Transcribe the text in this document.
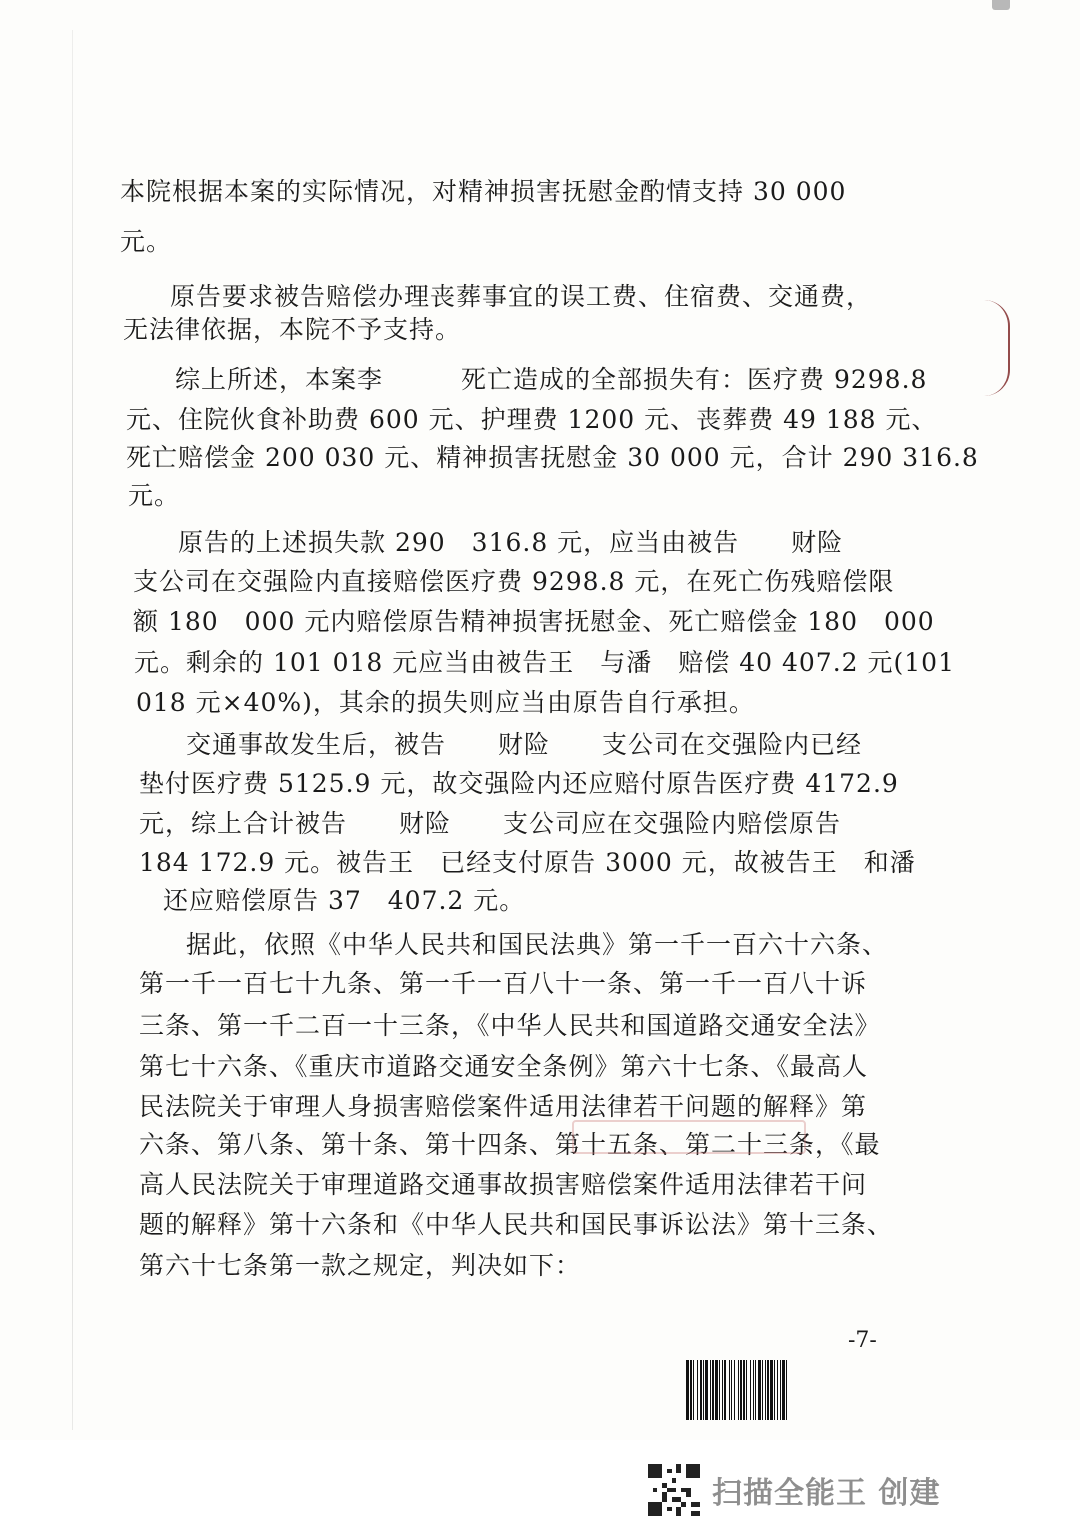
本院根据本案的实际情况，对精神损害抚慰金酌情支持 30 000
元。
原告要求被告赔偿办理丧葬事宜的误工费、住宿费、交通费，
无法律依据，本院不予支持。
综上所述，本案李　　　死亡造成的全部损失有：医疗费 9298.8
元、住院伙食补助费 600 元、护理费 1200 元、丧葬费 49 188 元、
死亡赔偿金 200 030 元、精神损害抚慰金 30 000 元，合计 290 316.8
元。
原告的上述损失款 290　316.8 元，应当由被告　　财险
支公司在交强险内直接赔偿医疗费 9298.8 元，在死亡伤残赔偿限
额 180　000 元内赔偿原告精神损害抚慰金、死亡赔偿金 180　000
元。剩余的 101 018 元应当由被告王　与潘　赔偿 40 407.2 元(101
018 元×40%)，其余的损失则应当由原告自行承担。
交通事故发生后，被告　　财险　　支公司在交强险内已经
垫付医疗费 5125.9 元，故交强险内还应赔付原告医疗费 4172.9
元，综上合计被告　　财险　　支公司应在交强险内赔偿原告
184 172.9 元。被告王　已经支付原告 3000 元，故被告王　和潘
还应赔偿原告 37　407.2 元。
据此，依照《中华人民共和国民法典》第一千一百六十六条、
第一千一百七十九条、第一千一百八十一条、第一千一百八十诉
三条、第一千二百一十三条，《中华人民共和国道路交通安全法》
第七十六条、《重庆市道路交通安全条例》第六十七条、《最高人
民法院关于审理人身损害赔偿案件适用法律若干问题的解释》第
六条、第八条、第十条、第十四条、第十五条、第二十三条，《最
高人民法院关于审理道路交通事故损害赔偿案件适用法律若干问
题的解释》第十六条和《中华人民共和国民事诉讼法》第十三条、
第六十七条第一款之规定，判决如下：
-7-
扫描全能王 创建
